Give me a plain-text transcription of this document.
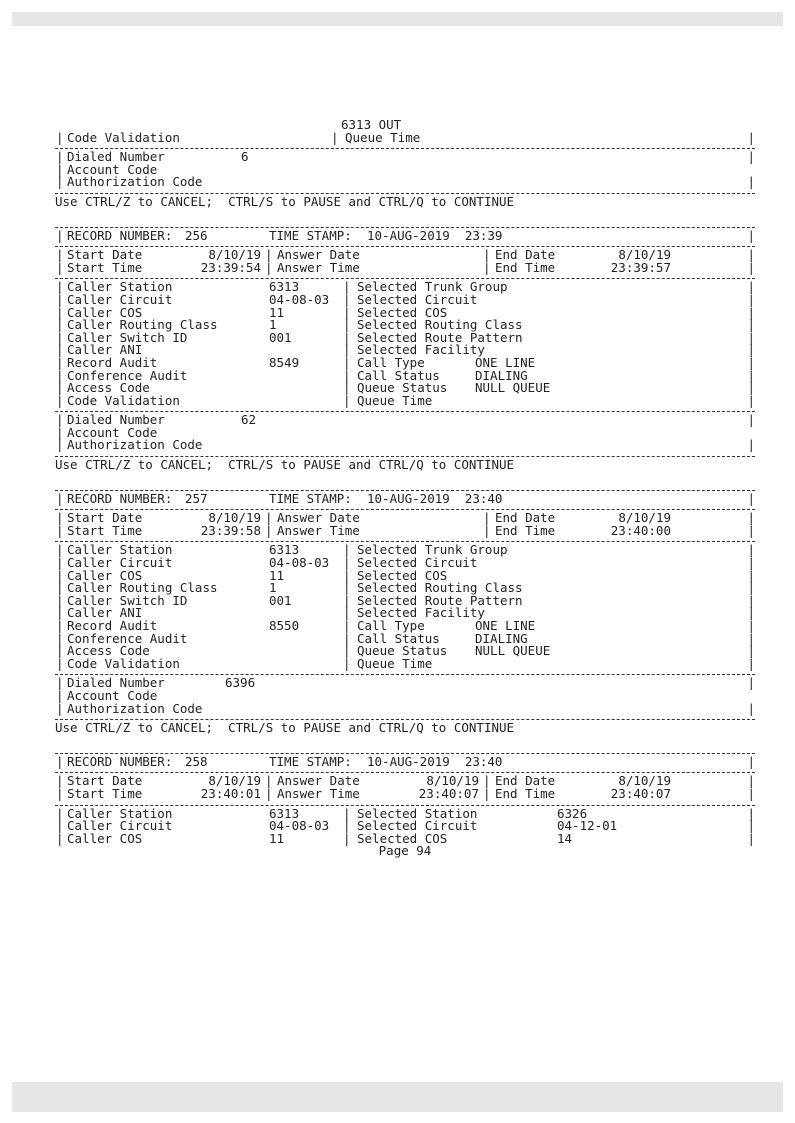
6313 OUT
| Code Validation	| Queue Time
|
| Dialed Number	6
|
| Account Code
| Authorization Code
|
Use CTRL/Z to CANCEL;  CTRL/S to PAUSE and CTRL/Q to CONTINUE
| RECORD NUMBER: 256	TIME STAMP: 10-AUG-2019  23:39
|
| Start Date	8/10/19 | Answer Date	| End Date	8/10/19
|
| Start Time	23:39:54 | Answer Time	| End Time	23:39:57
|
| Caller Station	6313	| Selected Trunk Group
|
| Caller Circuit	04-08-03 | Selected Circuit
|
| Caller COS	11	| Selected COS
|
| Caller Routing Class	1	| Selected Routing Class
|
| Caller Switch ID	001	| Selected Route Pattern
|
| Caller ANI	| Selected Facility
|
| Record Audit	8549	| Call Type	ONE LINE
|
| Conference Audit	| Call Status	DIALING
|
| Access Code	| Queue Status NULL QUEUE
|
| Code Validation	| Queue Time
|
| Dialed Number	62
|
| Account Code
| Authorization Code
|
Use CTRL/Z to CANCEL;  CTRL/S to PAUSE and CTRL/Q to CONTINUE
| RECORD NUMBER: 257	TIME STAMP: 10-AUG-2019  23:40
|
| Start Date	8/10/19 | Answer Date	| End Date	8/10/19
|
| Start Time	23:39:58 | Answer Time	| End Time	23:40:00
|
| Caller Station	6313	| Selected Trunk Group
|
| Caller Circuit	04-08-03 | Selected Circuit
|
| Caller COS	11	| Selected COS
|
| Caller Routing Class	1	| Selected Routing Class
|
| Caller Switch ID	001	| Selected Route Pattern
|
| Caller ANI	| Selected Facility
|
| Record Audit	8550	| Call Type	ONE LINE
|
| Conference Audit	| Call Status	DIALING
|
| Access Code	| Queue Status NULL QUEUE
|
| Code Validation	| Queue Time
|
| Dialed Number	6396
|
| Account Code
| Authorization Code
|
Use CTRL/Z to CANCEL;  CTRL/S to PAUSE and CTRL/Q to CONTINUE
| RECORD NUMBER: 258	TIME STAMP: 10-AUG-2019  23:40
|
| Start Date	8/10/19 | Answer Date	8/10/19 | End Date	8/10/19
|
| Start Time	23:40:01 | Answer Time	23:40:07 | End Time	23:40:07
|
| Caller Station	6313	| Selected Station	6326
|
| Caller Circuit	04-08-03 | Selected Circuit	04-12-01
|
| Caller COS	11	| Selected COS	14
|
Page 94
